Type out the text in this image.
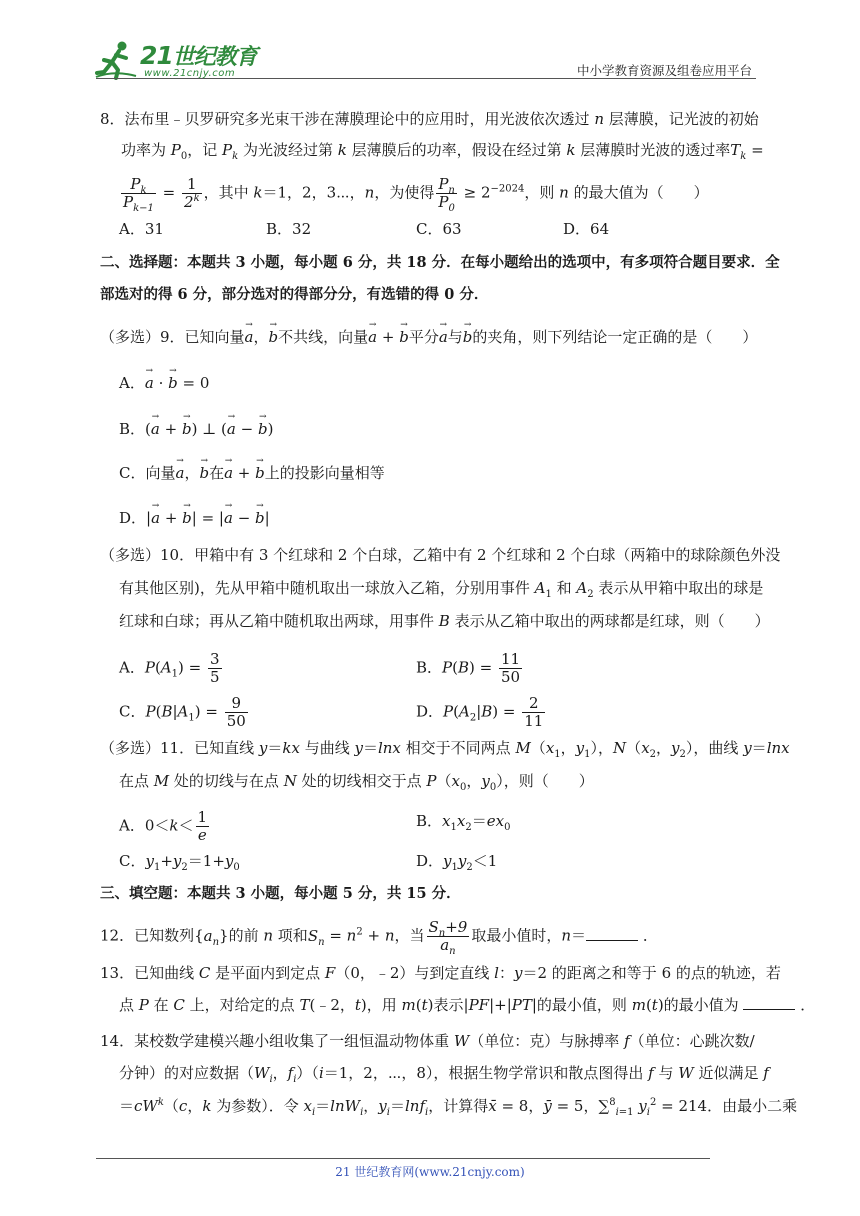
21世纪教育
www.21cnjy.com	中小学教育资源及组卷应用平台
8．法布里﹣贝罗研究多光束干涉在薄膜理论中的应用时，用光波依次透过 n 层薄膜，记光波的初始
功率为 $P_0$，记 $P_k$ 为光波经过第 k 层薄膜后的功率，假设在经过第 k 层薄膜时光波的透过率$T_k$ =
$\frac{P_k}{P_{k-1}} = \frac{1}{2^k}$ ，其中 k＝1，2，3⋯，n，为使得 $\frac{P_n}{P_0} \ge 2^{-2024}$，则 n 的最大值为（　　）
A．31	B．32	C．63	D．64
二、选择题：本题共 3 小题，每小题 6 分，共 18 分．在每小题给出的选项中，有多项符合题目要求．全
部选对的得 6 分，部分选对的得部分分，有选错的得 0 分．
（多选）9．已知向量→ a，→ b不共线，向量→ a + → b平分→ a与→ b的夹角，则下列结论一定正确的是（　　）
A．→ a · → b = 0
B．(→ a + → b) ⊥ (→ a − → b)
C．向量→ a，→ b在→ a + → b上的投影向量相等
D．|→ a + → b| = |→ a − → b|
（多选）10．甲箱中有 3 个红球和 2 个白球，乙箱中有 2 个红球和 2 个白球（两箱中的球除颜色外没
有其他区别)，先从甲箱中随机取出一球放入乙箱，分别用事件 $A_1$ 和 $A_2$ 表示从甲箱中取出的球是
红球和白球；再从乙箱中随机取出两球，用事件 B 表示从乙箱中取出的两球都是红球，则（　　）
A．$P(A_1) = \frac{3}{5}$	B．$P(B) = \frac{11}{50}$
C．$P(B|A_1) = \frac{9}{50}$	D．$P(A_2|B) = \frac{2}{11}$
（多选）11．已知直线 y＝kx 与曲线 y＝lnx 相交于不同两点 $M(x_1$，$y_1$），$N(x_2$，$y_2$），曲线 y＝lnx
在点 M 处的切线与在点 N 处的切线相交于点 $P(x_0$，$y_0$），则（　　）
A．$0<k< \frac{1}{e}$	B．$x_1x_2=ex_0$
C．$y_1+y_2=1+y_0$	D．$y_1y_2<1$
三、填空题：本题共 3 小题，每小题 5 分，共 15 分．
12．已知数列$\{a_n\}$的前 n 项和$S_n = n^2 + n$，当 $\frac{S_n+9}{a_n}$ 取最小值时，n＝	．
13．已知曲线 C 是平面内到定点 F（0，﹣2）与到定直线 l：y＝2 的距离之和等于 6 的点的轨迹，若
点 P 在 C 上，对给定的点 T(﹣2，t)，用 m(t)表示|PF|+|PT|的最小值，则 m(t)的最小值为	．
14．某校数学建模兴趣小组收集了一组恒温动物体重 W（单位：克）与脉搏率 f（单位：心跳次数/
分钟）的对应数据（$W_i$，$f_i)(i=1$，2，⋯，8），根据生物学常识和散点图得出 f 与 W 近似满足 f
$=cW^k(c$，k 为参数）．令 $x_i=\ln W_i$，$y_i=\ln f_i$，计算得x̄ = 8，ȳ = 5，∑$^8_{i=1}$ $y_i^2 = 214$．由最小二乘
21 世纪教育网(www.21cnjy.com)
